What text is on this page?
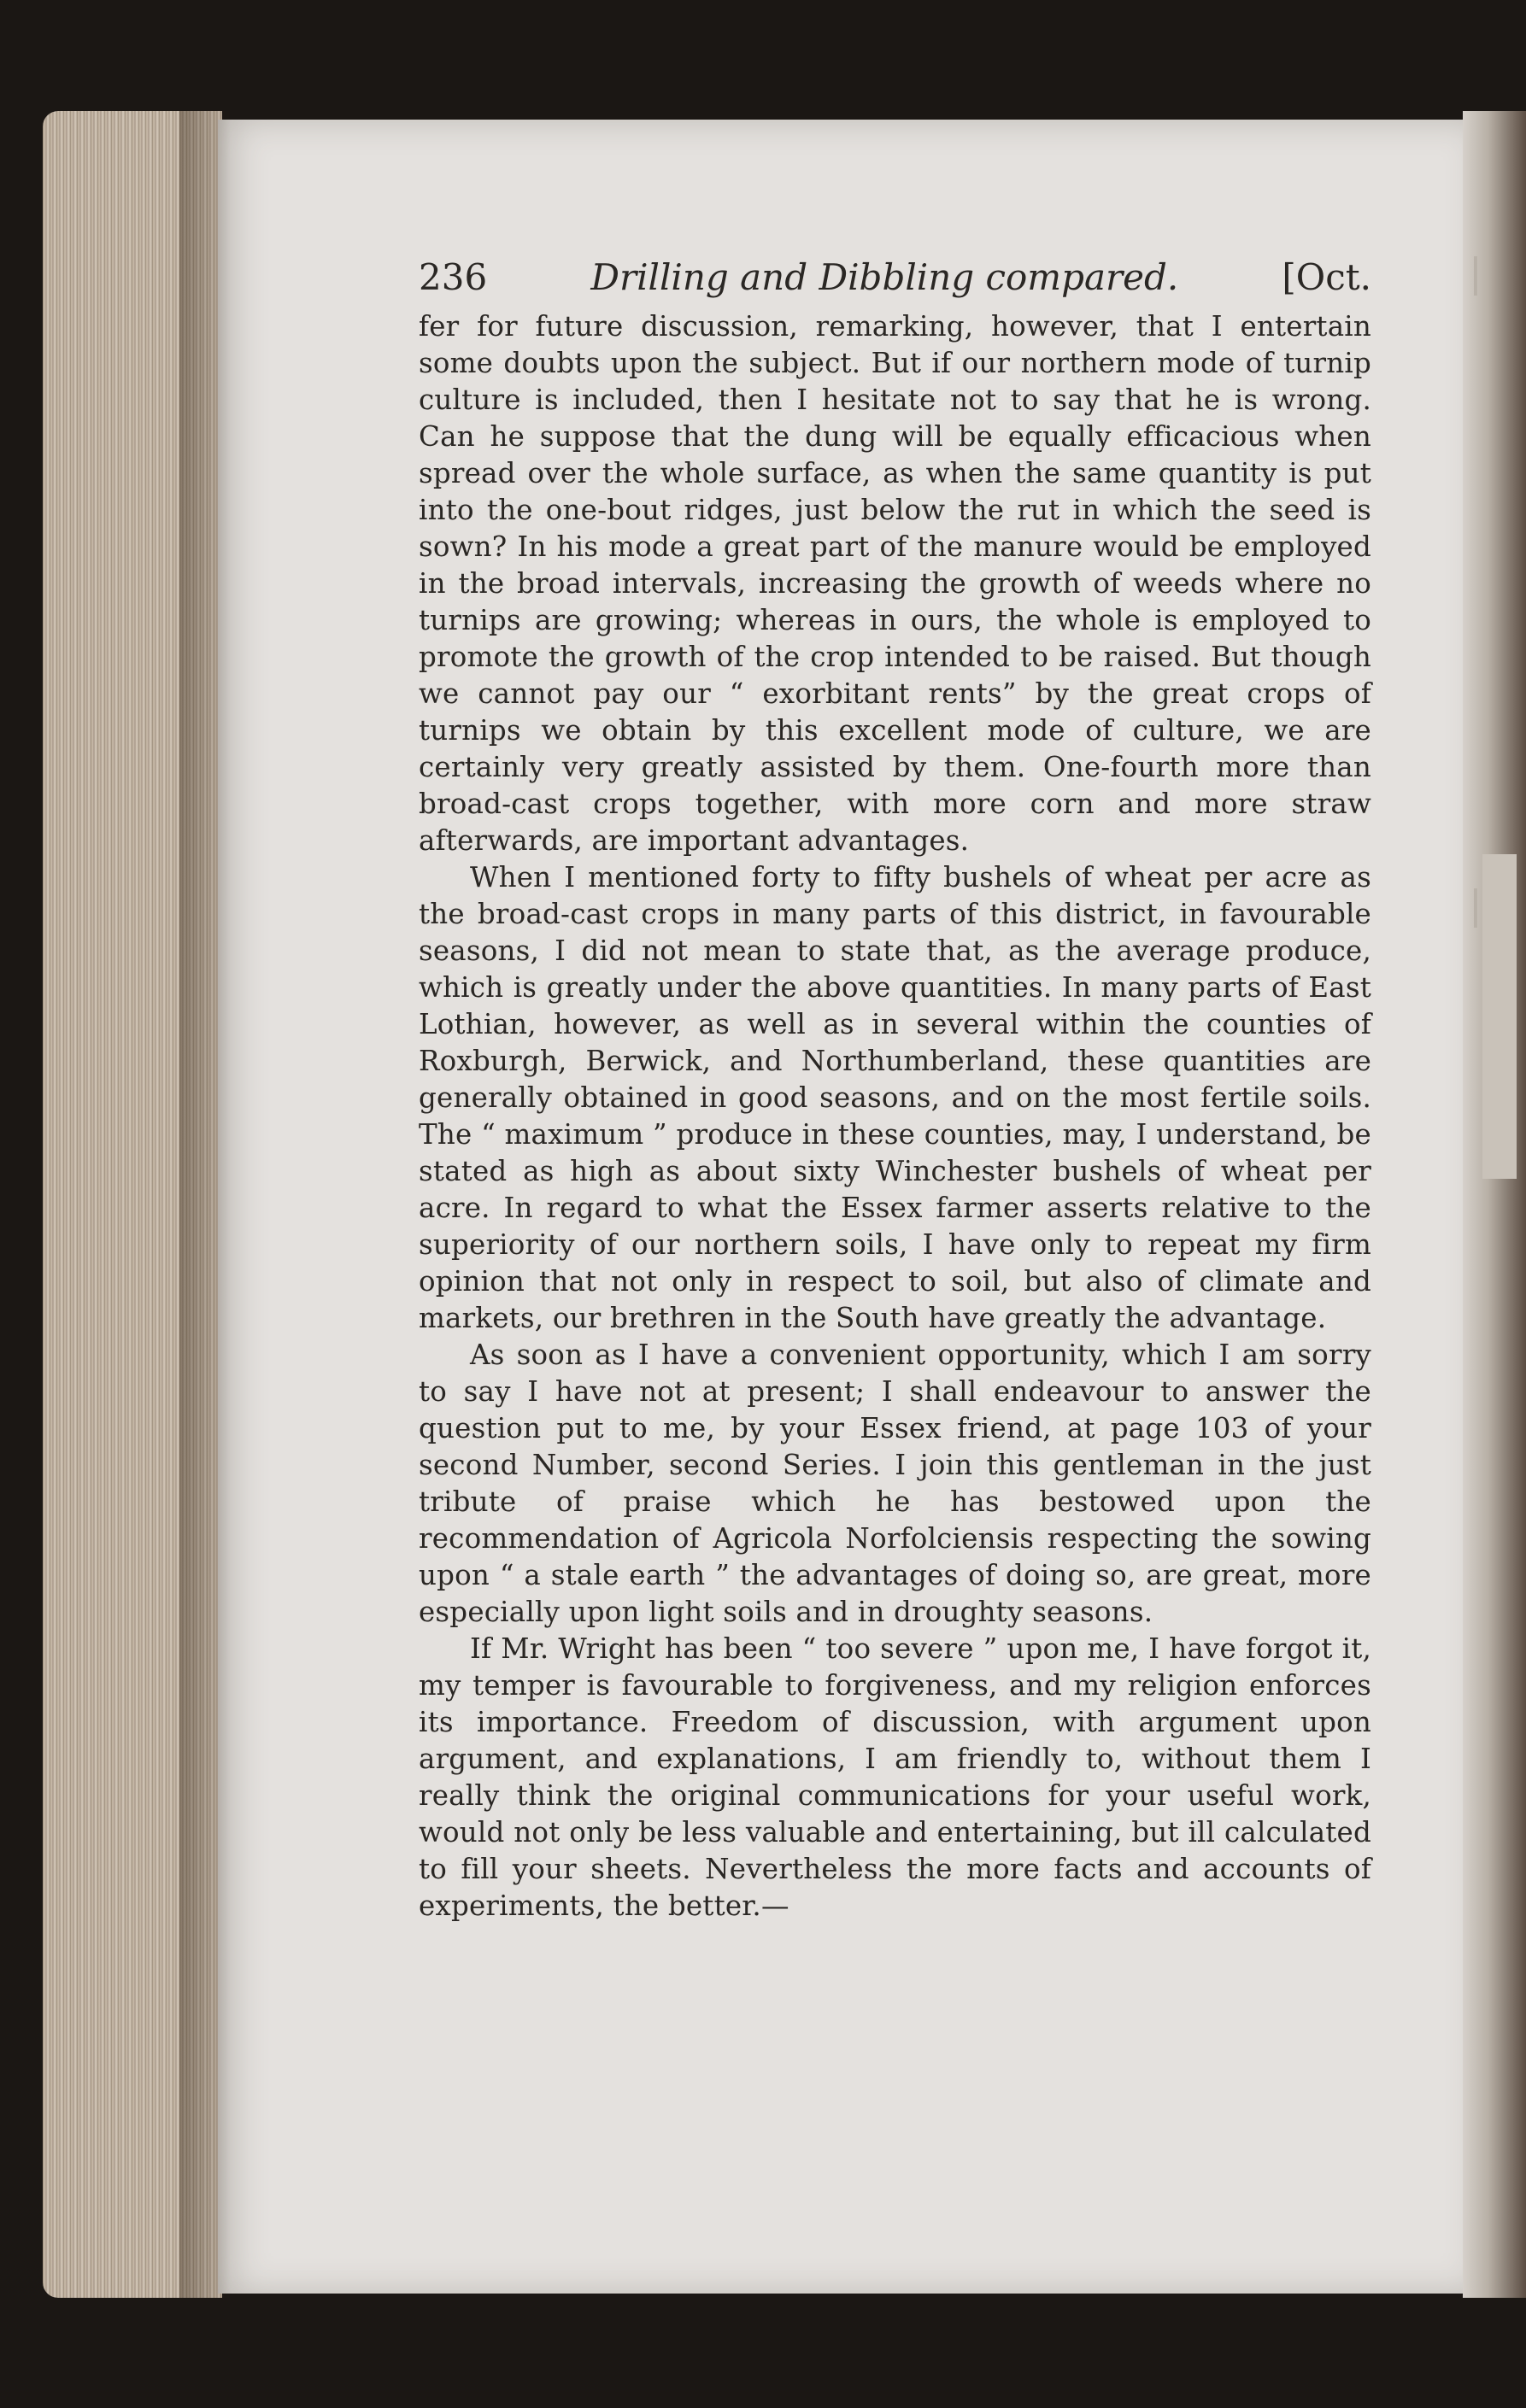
236	Drilling and Dibbling compared.	[Oct.

fer for future discussion, remarking, however, that I entertain some doubts upon the subject. But if our northern mode of turnip culture is included, then I hesitate not to say that he is wrong. Can he suppose that the dung will be equally efficacious when spread over the whole surface, as when the same quantity is put into the one-bout ridges, just below the rut in which the seed is sown? In his mode a great part of the manure would be employed in the broad intervals, increasing the growth of weeds where no turnips are growing; whereas in ours, the whole is employed to promote the growth of the crop intended to be raised. But though we cannot pay our “ exorbitant rents” by the great crops of turnips we obtain by this excellent mode of culture, we are certainly very greatly assisted by them. One-fourth more than broad-cast crops together, with more corn and more straw afterwards, are important advantages.

When I mentioned forty to fifty bushels of wheat per acre as the broad-cast crops in many parts of this district, in favourable seasons, I did not mean to state that, as the average produce, which is greatly under the above quantities. In many parts of East Lothian, however, as well as in several within the counties of Roxburgh, Berwick, and Northumberland, these quantities are generally obtained in good seasons, and on the most fertile soils. The “ maximum ” produce in these counties, may, I understand, be stated as high as about sixty Winchester bushels of wheat per acre. In regard to what the Essex farmer asserts relative to the superiority of our northern soils, I have only to repeat my firm opinion that not only in respect to soil, but also of climate and markets, our brethren in the South have greatly the advantage.

As soon as I have a convenient opportunity, which I am sorry to say I have not at present; I shall endeavour to answer the question put to me, by your Essex friend, at page 103 of your second Number, second Series. I join this gentleman in the just tribute of praise which he has bestowed upon the recommendation of Agricola Norfolciensis respecting the sowing upon “ a stale earth ” the advantages of doing so, are great, more especially upon light soils and in droughty seasons.

If Mr. Wright has been “ too severe ” upon me, I have forgot it, my temper is favourable to forgiveness, and my religion enforces its importance. Freedom of discussion, with argument upon argument, and explanations, I am friendly to, without them I really think the original communications for your useful work, would not only be less valuable and entertaining, but ill calculated to fill your sheets. Nevertheless the more facts and accounts of experiments, the better.—
